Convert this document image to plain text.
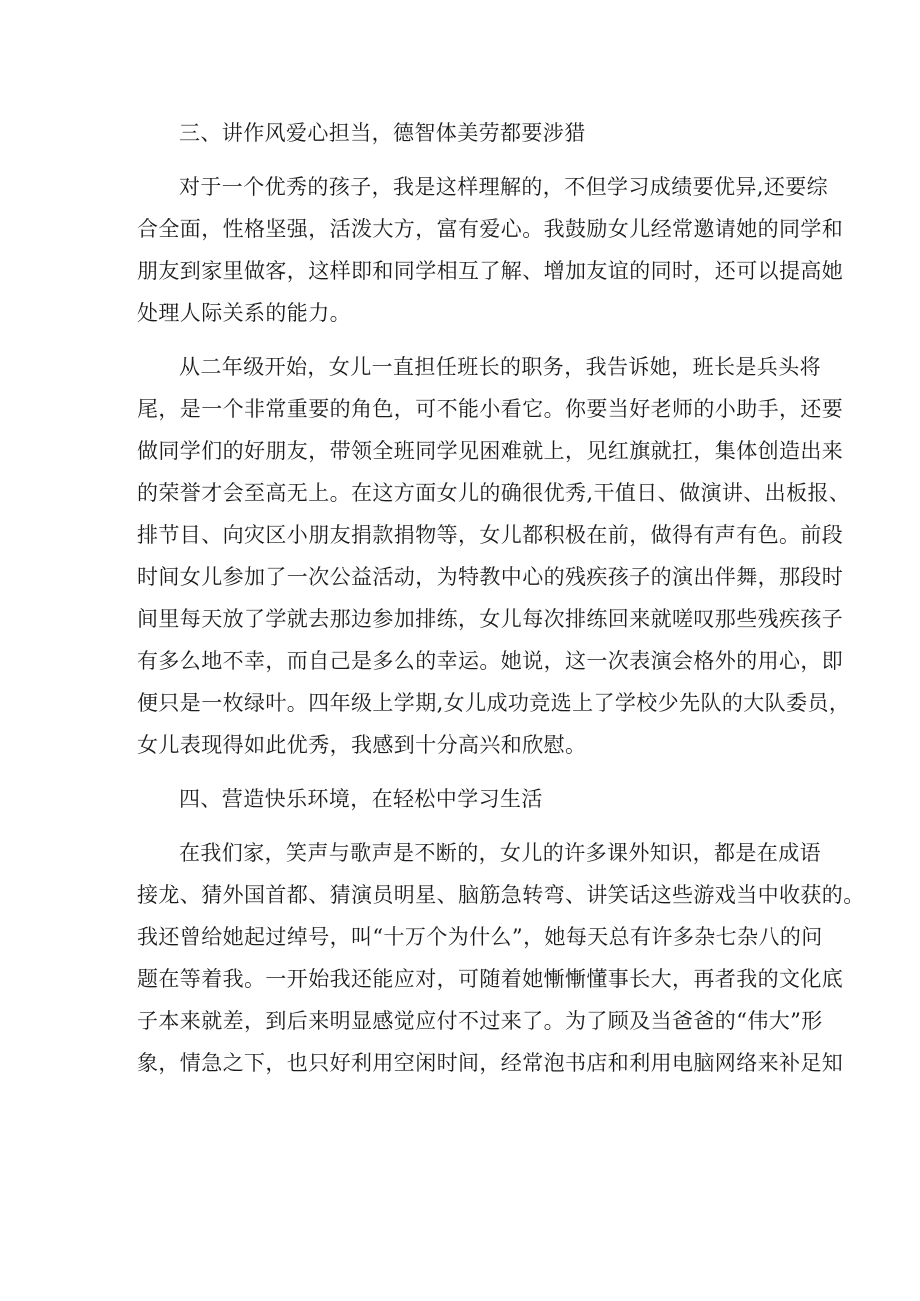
三、讲作风爱心担当，德智体美劳都要涉猎
对于一个优秀的孩子，我是这样理解的，不但学习成绩要优异,还要综
合全面，性格坚强，活泼大方，富有爱心。我鼓励女儿经常邀请她的同学和
朋友到家里做客，这样即和同学相互了解、增加友谊的同时，还可以提高她
处理人际关系的能力。
从二年级开始，女儿一直担任班长的职务，我告诉她，班长是兵头将
尾，是一个非常重要的角色，可不能小看它。你要当好老师的小助手，还要
做同学们的好朋友，带领全班同学见困难就上，见红旗就扛，集体创造出来
的荣誉才会至高无上。在这方面女儿的确很优秀,干值日、做演讲、出板报、
排节目、向灾区小朋友捐款捐物等，女儿都积极在前，做得有声有色。前段
时间女儿参加了一次公益活动，为特教中心的残疾孩子的演出伴舞，那段时
间里每天放了学就去那边参加排练，女儿每次排练回来就嗟叹那些残疾孩子
有多么地不幸，而自己是多么的幸运。她说，这一次表演会格外的用心，即
便只是一枚绿叶。四年级上学期,女儿成功竞选上了学校少先队的大队委员，
女儿表现得如此优秀，我感到十分高兴和欣慰。
四、营造快乐环境，在轻松中学习生活
在我们家，笑声与歌声是不断的，女儿的许多课外知识，都是在成语
接龙、猜外国首都、猜演员明星、脑筋急转弯、讲笑话这些游戏当中收获的。
我还曾给她起过绰号，叫“十万个为什么”，她每天总有许多杂七杂八的问
题在等着我。一开始我还能应对，可随着她慚慚懂事长大，再者我的文化底
子本来就差，到后来明显感觉应付不过来了。为了顾及当爸爸的“伟大”形
象，情急之下，也只好利用空闲时间，经常泡书店和利用电脑网络来补足知
